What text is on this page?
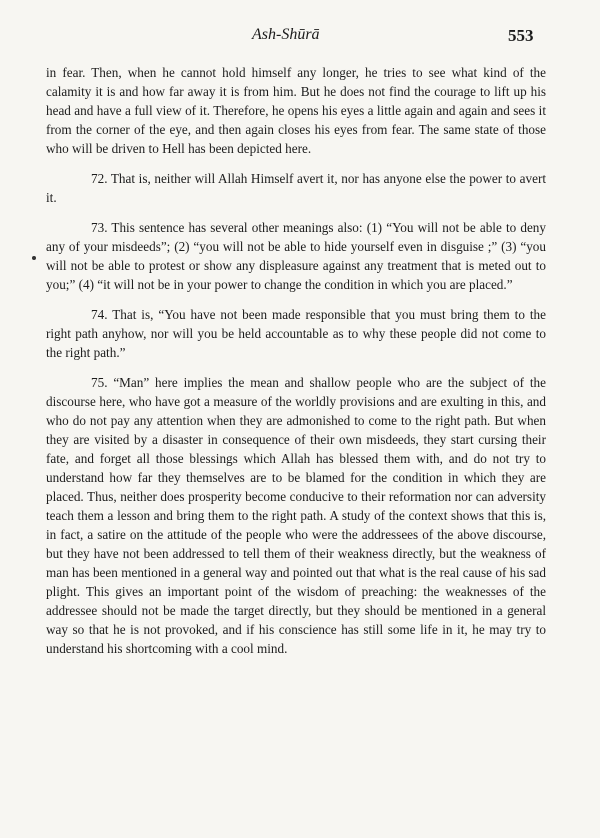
Ash-Shūrā	553

in fear. Then, when he cannot hold himself any longer, he tries to see what kind of the calamity it is and how far away it is from him. But he does not find the courage to lift up his head and have a full view of it. Therefore, he opens his eyes a little again and again and sees it from the corner of the eye, and then again closes his eyes from fear. The same state of those who will be driven to Hell has been depicted here.

72. That is, neither will Allah Himself avert it, nor has anyone else the power to avert it.

73. This sentence has several other meanings also: (1) “You will not be able to deny any of your misdeeds”; (2) “you will not be able to hide yourself even in disguise ;” (3) “you will not be able to protest or show any displeasure against any treatment that is meted out to you;” (4) “it will not be in your power to change the condition in which you are placed.”

74. That is, “You have not been made responsible that you must bring them to the right path anyhow, nor will you be held accountable as to why these people did not come to the right path.”

75. “Man” here implies the mean and shallow people who are the subject of the discourse here, who have got a measure of the worldly provisions and are exulting in this, and who do not pay any attention when they are admonished to come to the right path. But when they are visited by a disaster in consequence of their own misdeeds, they start cursing their fate, and forget all those blessings which Allah has blessed them with, and do not try to understand how far they themselves are to be blamed for the condition in which they are placed. Thus, neither does prosperity become conducive to their reformation nor can adversity teach them a lesson and bring them to the right path. A study of the context shows that this is, in fact, a satire on the attitude of the people who were the addressees of the above discourse, but they have not been addressed to tell them of their weakness directly, but the weakness of man has been mentioned in a general way and pointed out that what is the real cause of his sad plight. This gives an important point of the wisdom of preaching: the weaknesses of the addressee should not be made the target directly, but they should be mentioned in a general way so that he is not provoked, and if his conscience has still some life in it, he may try to understand his shortcoming with a cool mind.
